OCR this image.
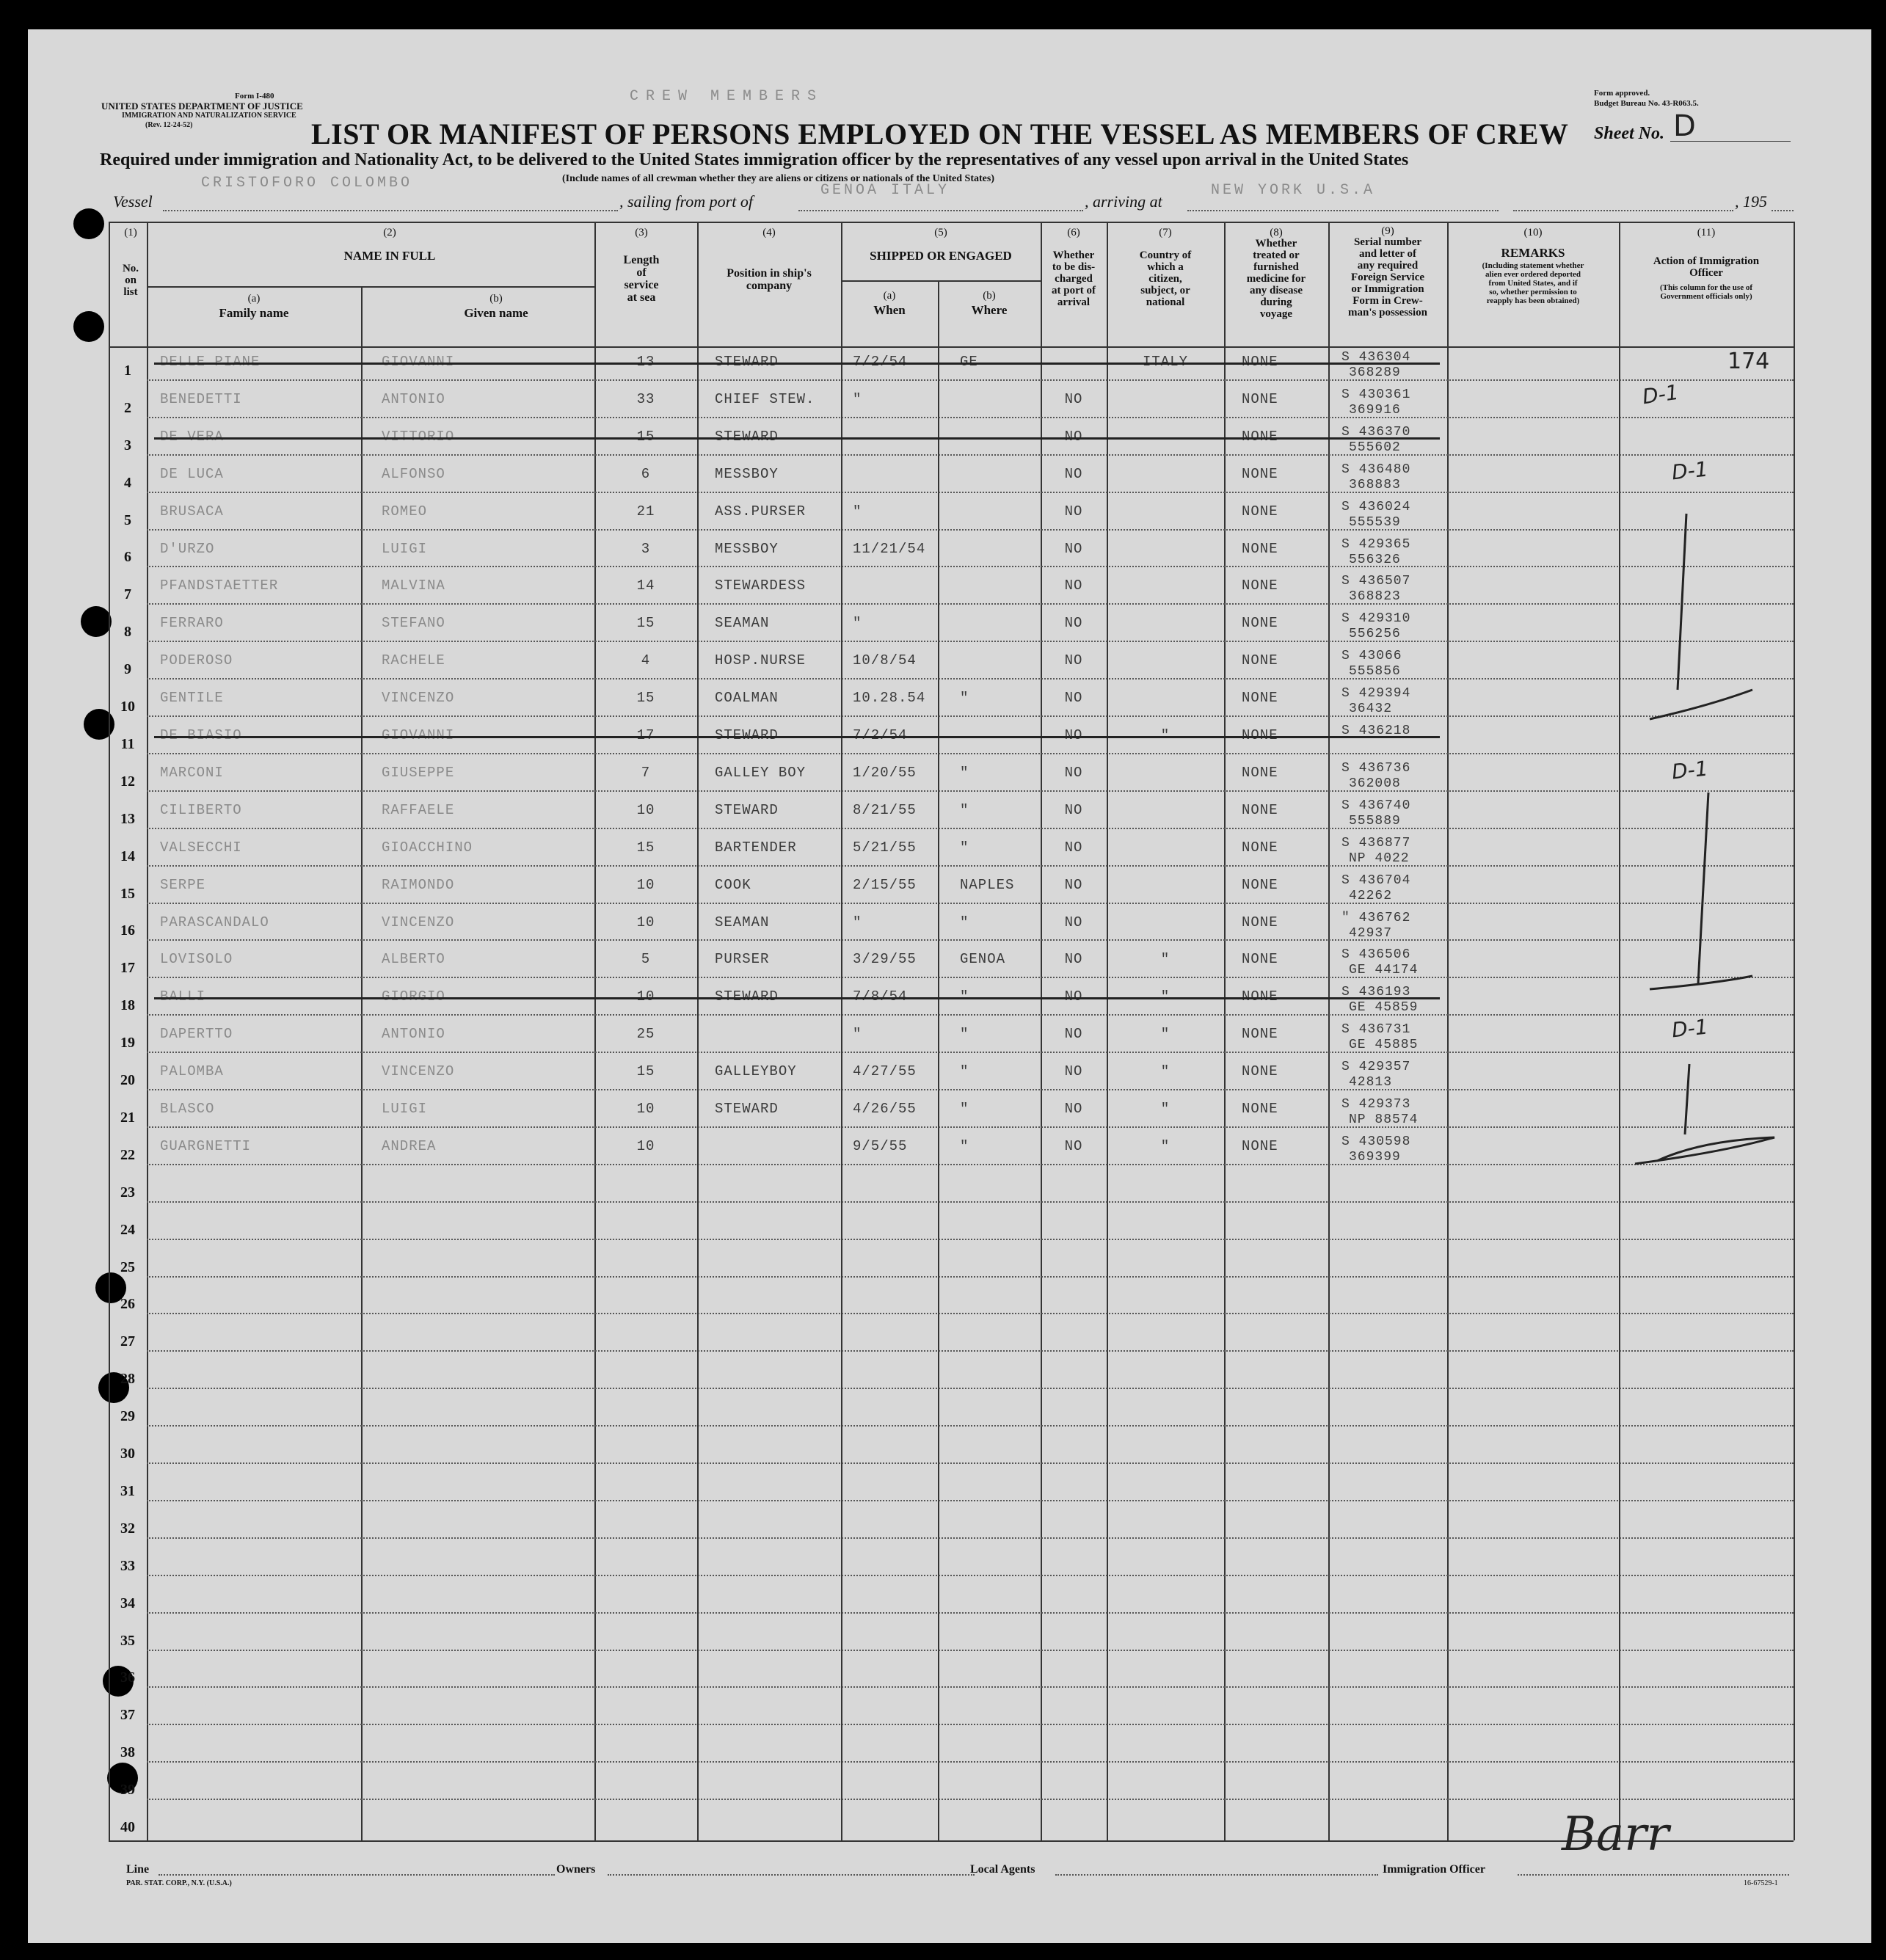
Form I-480
UNITED STATES DEPARTMENT OF JUSTICE
IMMIGRATION AND NATURALIZATION SERVICE
(Rev. 12-24-52)
Form approved.
Budget Bureau No. 43-R063.5.
CREW MEMBERS
LIST OR MANIFEST OF PERSONS EMPLOYED ON THE VESSEL AS MEMBERS OF CREW Sheet No. D
Required under immigration and Nationality Act, to be delivered to the United States immigration officer by the representatives of any vessel upon arrival in the United States
(Include names of all crewman whether they are aliens or citizens or nationals of the United States)
Vessel
CRISTOFORO COLOMBO
, sailing from port of
GENOA ITALY
, arriving at
NEW YORK U.S.A
, 195
(1)
No.
on
list
(2)
NAME IN FULL
(a)
Family name
(b)
Given name
(3)
Length
of
service
at sea
(4)
Position in ship's
company
(5)
SHIPPED OR ENGAGED
(a)
When
(b)
Where
(6)
Whether
to be dis-
charged
at port of
arrival
(7)
Country of
which a
citizen,
subject, or
national
(8)
Whether
treated or
furnished
medicine for
any disease
during
voyage
(9)
Serial number
and letter of
any required
Foreign Service
or Immigration
Form in Crew-
man's possession
(10)
REMARKS
(Including statement whether
alien ever ordered deported
from United States, and if
so, whether permission to
reapply has been obtained)
(11)
Action of Immigration
Officer
(This column for the use of
Government officials only)
1
2
3
4
5
6
7
8
9
10
11
12
13
14
15
16
17
18
19
20
21
22
23
24
25
26
27
28
29
30
31
32
33
34
35
36
37
38
39
40
DELLE PIANE	GIOVANNI	13	STEWARD	7/2/54	GE	ITALY	NONE	S 436304
368289
BENEDETTI	ANTONIO	33	CHIEF STEW.	"	NO	NONE	S 430361
369916
DE VERA	VITTORIO	15	STEWARD	NO	NONE	S 436370
555602
DE LUCA	ALFONSO	6	MESSBOY	NO	NONE	S 436480
368883
BRUSACA	ROMEO	21	ASS.PURSER	"	NO	NONE	S 436024
555539
D'URZO	LUIGI	3	MESSBOY	11/21/54	NO	NONE	S 429365
556326
PFANDSTAETTER	MALVINA	14	STEWARDESS	NO	NONE	S 436507
368823
FERRARO	STEFANO	15	SEAMAN	"	NO	NONE	S 429310
556256
PODEROSO	RACHELE	4	HOSP.NURSE	10/8/54	NO	NONE	S 43066
555856
GENTILE	VINCENZO	15	COALMAN	10.28.54 "	NO	NONE	S 429394
36432
DE BIASIO	GIOVANNI	17	STEWARD	7/2/54	NO	"	NONE	S 436218
MARCONI	GIUSEPPE	7	GALLEY BOY	1/20/55	"	NO	NONE	S 436736
362008
CILIBERTO	RAFFAELE	10	STEWARD	8/21/55	"	NO	NONE	S 436740
555889
VALSECCHI	GIOACCHINO	15	BARTENDER	5/21/55	"	NO	NONE	S 436877
NP 4022
SERPE	RAIMONDO	10	COOK	2/15/55	NAPLES	NO	NONE	S 436704
42262
PARASCANDALO	VINCENZO	10	SEAMAN	"	"	NO	NONE	" 436762
42937
LOVISOLO	ALBERTO	5	PURSER	3/29/55	GENOA	NO	"	NONE	S 436506
GE 44174
BALLI	GIORGIO	10	STEWARD	7/8/54	"	NO	"	NONE	S 436193
GE 45859
DAPERTTO	ANTONIO	25	"	"	NO	"	NONE	S 436731
GE 45885
PALOMBA	VINCENZO	15	GALLEYBOY	4/27/55	"	NO	"	NONE	S 429357
42813
BLASCO	LUIGI	10	STEWARD	4/26/55	"	NO	"	NONE	S 429373
NP 88574
GUARGNETTI	ANDREA	10	9/5/55	"	NO	"	NONE	S 430598
369399
174
D-1
D-1
D-1
D-1
Line	Owners	Local Agents	Immigration Officer
Barr
PAR. STAT. CORP., N.Y. (U.S.A.)	16-67529-1
